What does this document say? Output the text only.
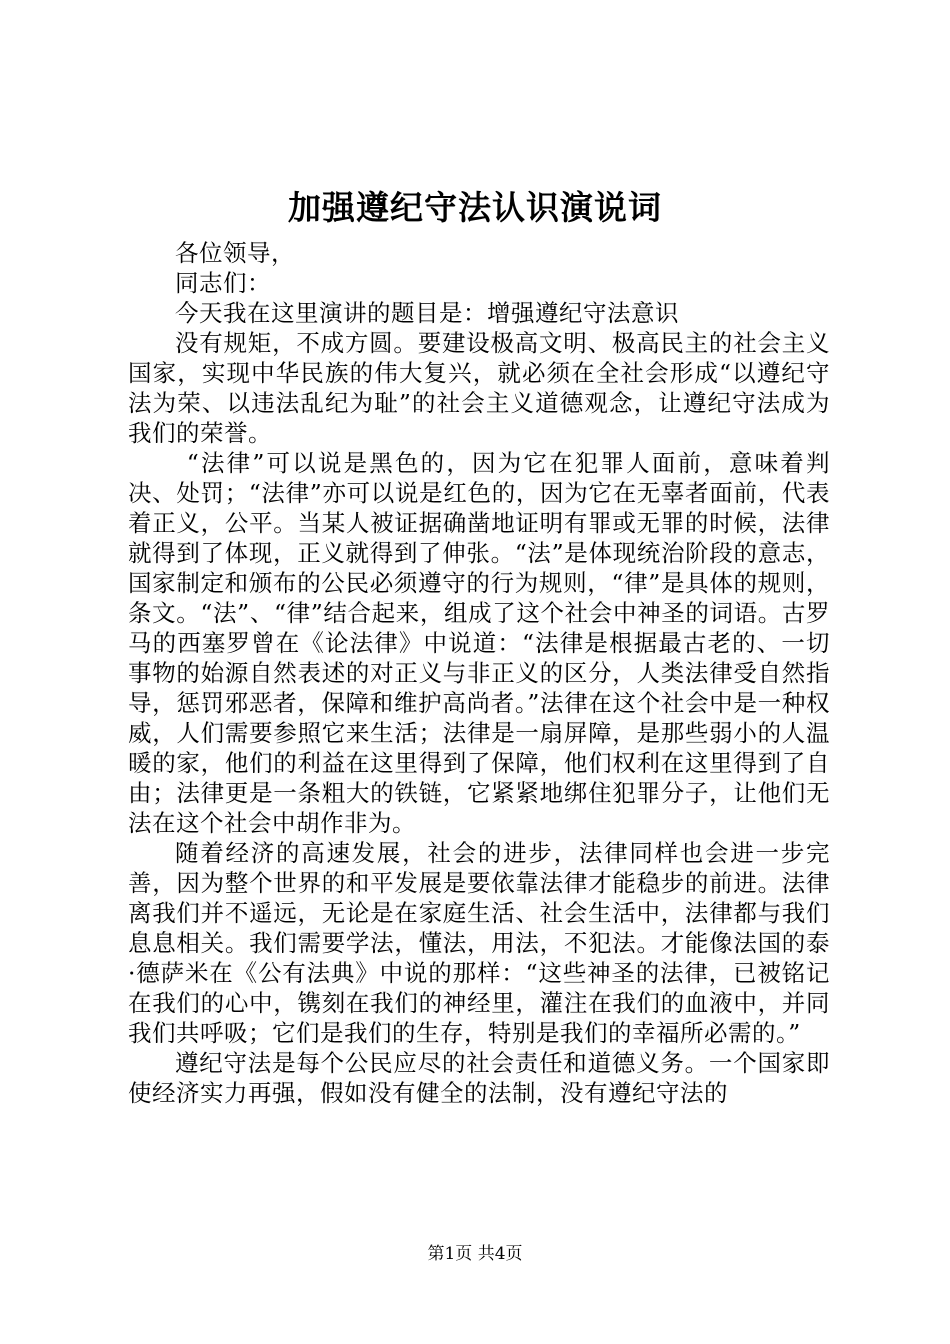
加强遵纪守法认识演说词

各位领导，

同志们：

今天我在这里演讲的题目是：增强遵纪守法意识

没有规矩，不成方圆。要建设极高文明、极高民主的社会主义国家，实现中华民族的伟大复兴，就必须在全社会形成“以遵纪守法为荣、以违法乱纪为耻”的社会主义道德观念，让遵纪守法成为我们的荣誉。

“法律”可以说是黑色的，因为它在犯罪人面前，意味着判决、处罚；“法律”亦可以说是红色的，因为它在无辜者面前，代表着正义，公平。当某人被证据确凿地证明有罪或无罪的时候，法律就得到了体现，正义就得到了伸张。“法”是体现统治阶段的意志，国家制定和颁布的公民必须遵守的行为规则，“律”是具体的规则，条文。“法”、“律”结合起来，组成了这个社会中神圣的词语。古罗马的西塞罗曾在《论法律》中说道：“法律是根据最古老的、一切事物的始源自然表述的对正义与非正义的区分，人类法律受自然指导，惩罚邪恶者，保障和维护高尚者。”法律在这个社会中是一种权威，人们需要参照它来生活；法律是一扇屏障，是那些弱小的人温暖的家，他们的利益在这里得到了保障，他们权利在这里得到了自由；法律更是一条粗大的铁链，它紧紧地绑住犯罪分子，让他们无法在这个社会中胡作非为。

随着经济的高速发展，社会的进步，法律同样也会进一步完善，因为整个世界的和平发展是要依靠法律才能稳步的前进。法律离我们并不遥远，无论是在家庭生活、社会生活中，法律都与我们息息相关。我们需要学法，懂法，用法，不犯法。才能像法国的泰·德萨米在《公有法典》中说的那样：“这些神圣的法律，已被铭记在我们的心中，镌刻在我们的神经里，灌注在我们的血液中，并同我们共呼吸；它们是我们的生存，特别是我们的幸福所必需的。”

遵纪守法是每个公民应尽的社会责任和道德义务。一个国家即使经济实力再强，假如没有健全的法制，没有遵纪守法的

第1页 共4页
